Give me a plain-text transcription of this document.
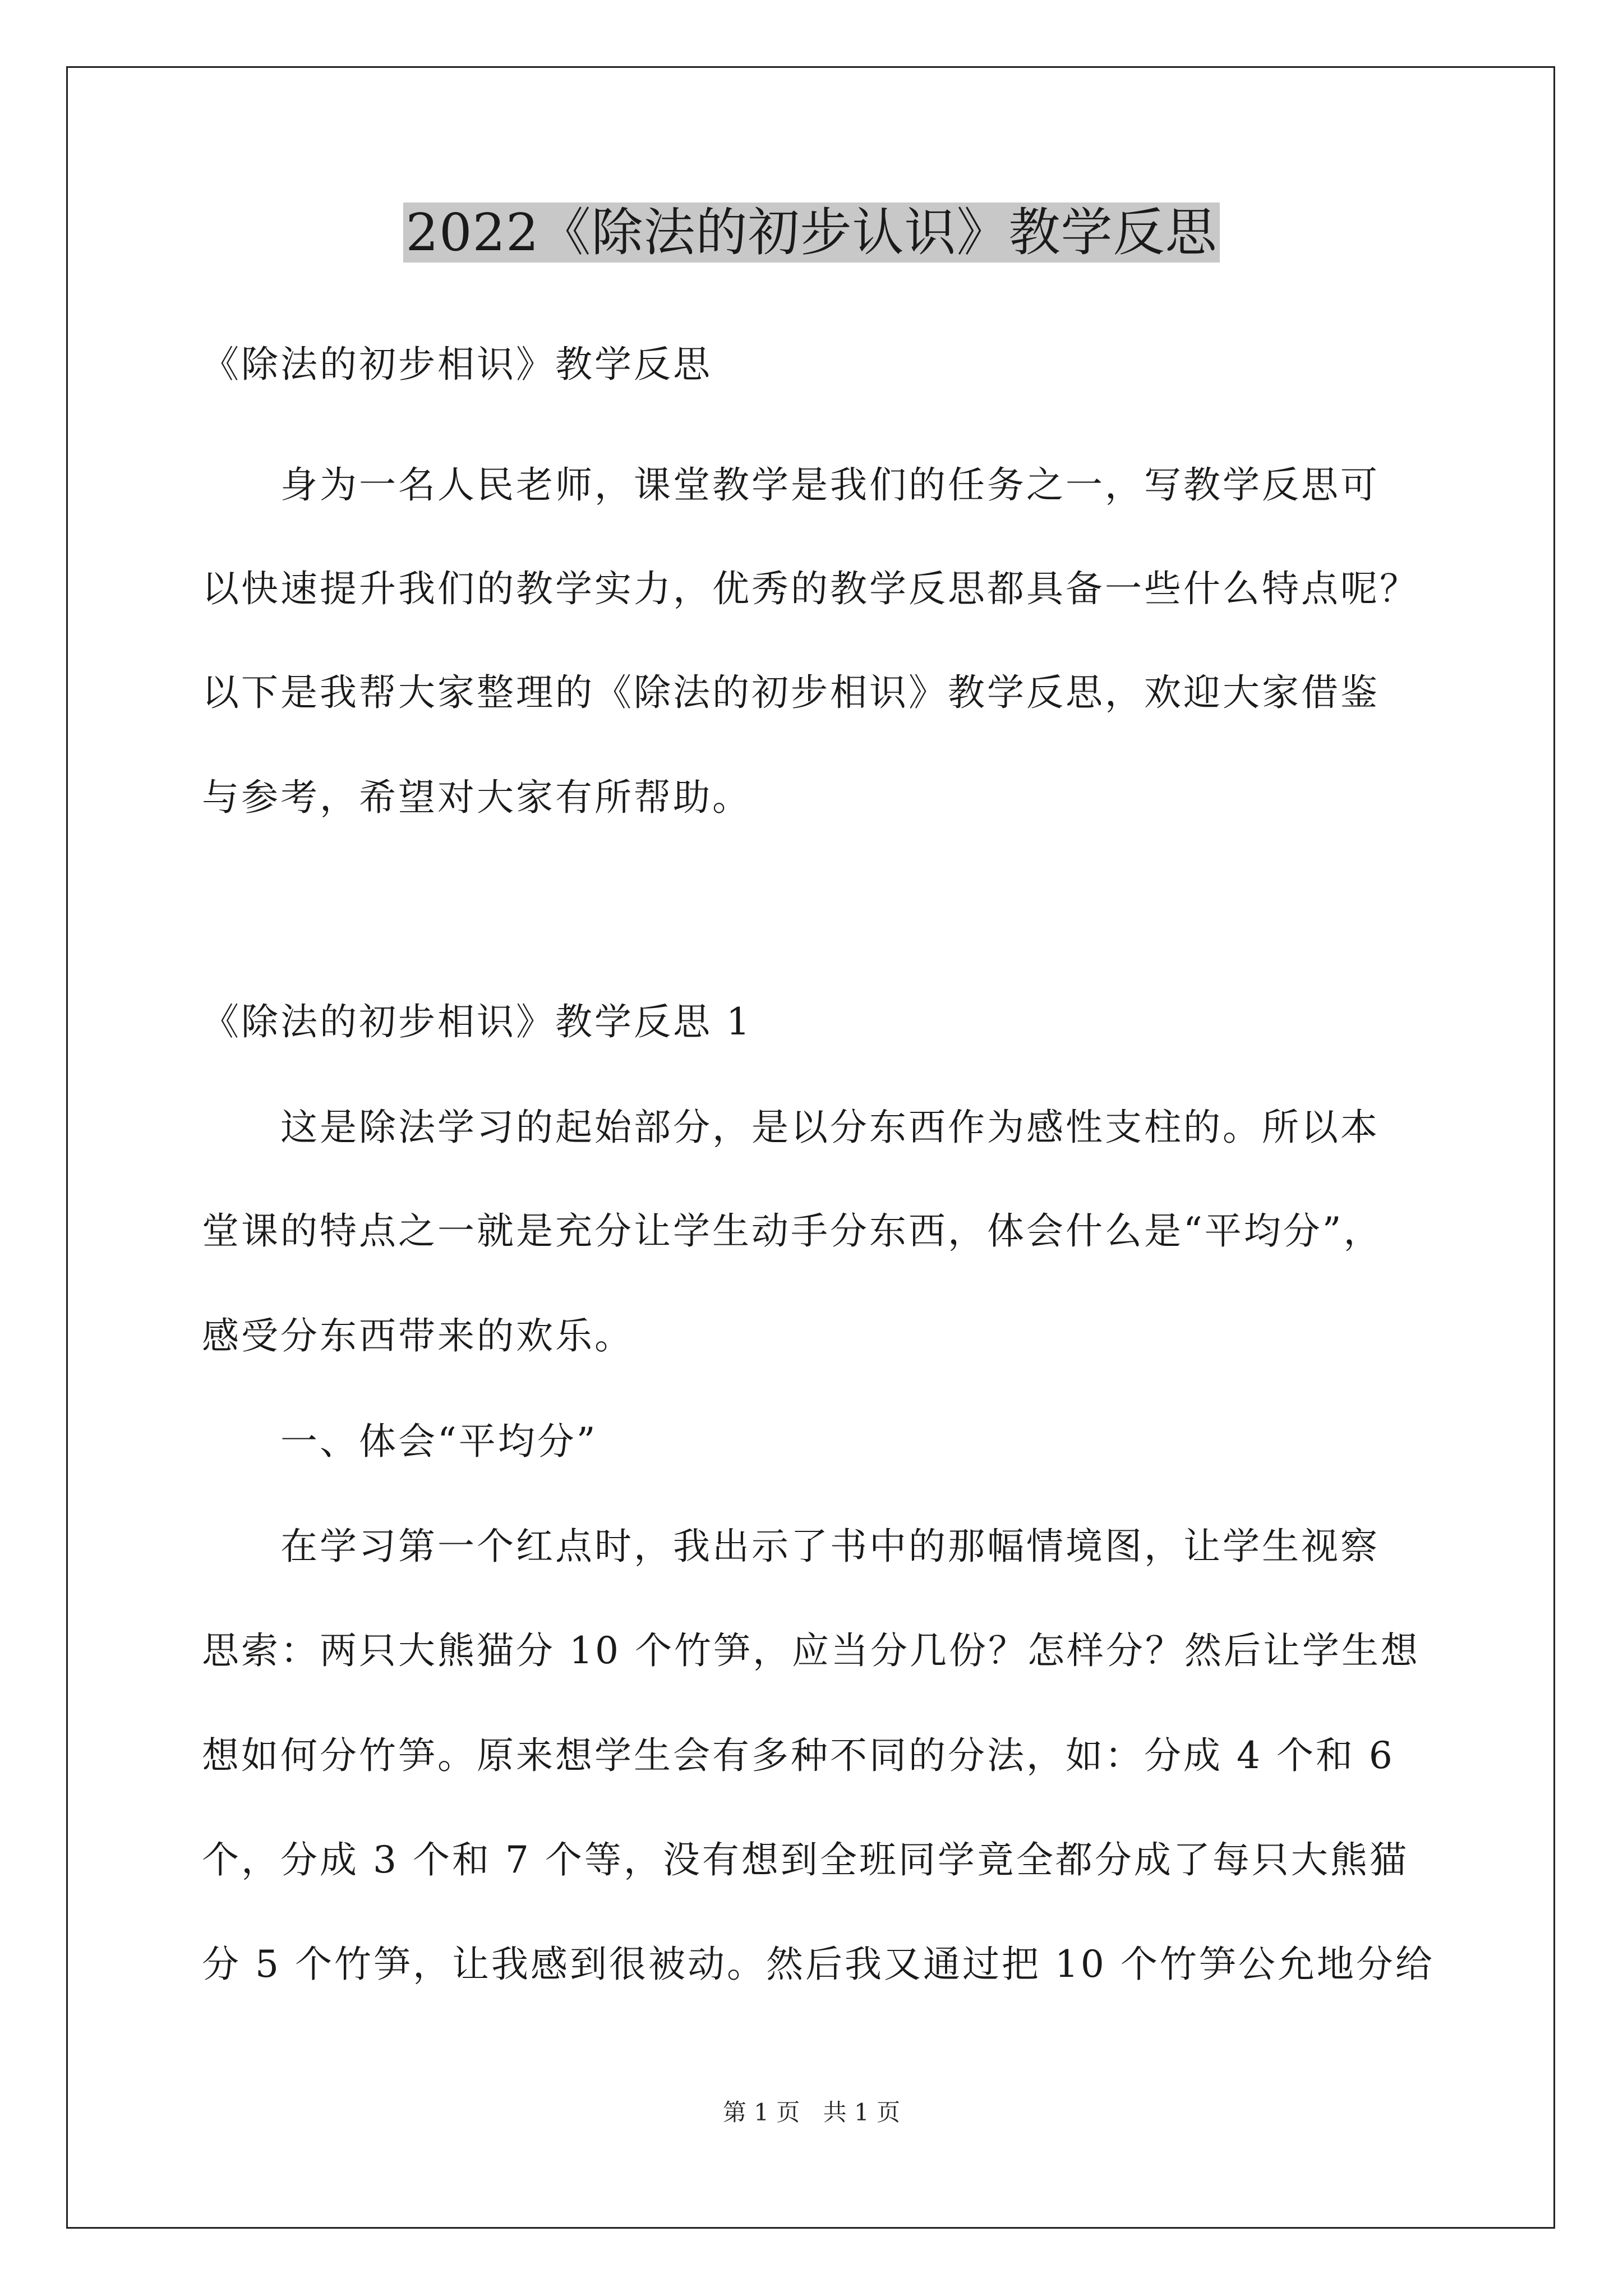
2022《除法的初步认识》教学反思
《除法的初步相识》教学反思
身为一名人民老师，课堂教学是我们的任务之一，写教学反思可
以快速提升我们的教学实力，优秀的教学反思都具备一些什么特点呢？
以下是我帮大家整理的《除法的初步相识》教学反思，欢迎大家借鉴
与参考，希望对大家有所帮助。
《除法的初步相识》教学反思 1
这是除法学习的起始部分，是以分东西作为感性支柱的。所以本
堂课的特点之一就是充分让学生动手分东西，体会什么是“平均分”，
感受分东西带来的欢乐。
一、体会“平均分”
在学习第一个红点时，我出示了书中的那幅情境图，让学生视察
思索：两只大熊猫分 10 个竹笋，应当分几份？怎样分？然后让学生想
想如何分竹笋。原来想学生会有多种不同的分法，如：分成 4 个和 6
个，分成 3 个和 7 个等，没有想到全班同学竟全都分成了每只大熊猫
分 5 个竹笋，让我感到很被动。然后我又通过把 10 个竹笋公允地分给
第 1 页 共 1 页
